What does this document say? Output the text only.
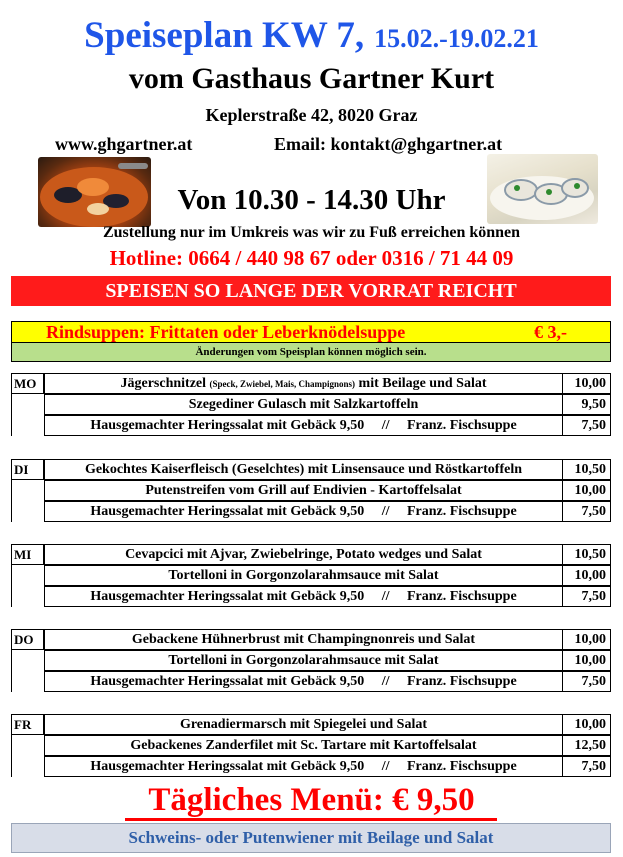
Speiseplan KW 7, 15.02.-19.02.21
vom Gasthaus Gartner Kurt
Keplerstraße 42, 8020 Graz
www.ghgartner.at	Email: kontakt@ghgartner.at
Von 10.30 - 14.30 Uhr
Zustellung nur im Umkreis was wir zu Fuß erreichen können
Hotline: 0664 / 440 98 67 oder 0316 / 71 44 09
SPEISEN SO LANGE DER VORRAT REICHT
Rindsuppen: Frittaten oder Leberknödelsuppe	€ 3,-
Änderungen vom Speisplan können möglich sein.
MO	Jägerschnitzel (Speck, Zwiebel, Mais, Champignons) mit Beilage und Salat	10,00
Szegediner Gulasch mit Salzkartoffeln	9,50
Hausgemachter Heringssalat mit Gebäck 9,50     //     Franz. Fischsuppe	7,50
DI	Gekochtes Kaiserfleisch (Geselchtes) mit Linsensauce und Röstkartoffeln	10,50
Putenstreifen vom Grill auf Endivien - Kartoffelsalat	10,00
Hausgemachter Heringssalat mit Gebäck 9,50     //     Franz. Fischsuppe	7,50
MI	Cevapcici mit Ajvar, Zwiebelringe, Potato wedges und Salat	10,50
Tortelloni in Gorgonzolarahmsauce mit Salat	10,00
Hausgemachter Heringssalat mit Gebäck 9,50     //     Franz. Fischsuppe	7,50
DO	Gebackene Hühnerbrust mit Champingnonreis und Salat	10,00
Tortelloni in Gorgonzolarahmsauce mit Salat	10,00
Hausgemachter Heringssalat mit Gebäck 9,50     //     Franz. Fischsuppe	7,50
FR	Grenadiermarsch mit Spiegelei und Salat	10,00
Gebackenes Zanderfilet mit Sc. Tartare mit Kartoffelsalat	12,50
Hausgemachter Heringssalat mit Gebäck 9,50     //     Franz. Fischsuppe	7,50
Tägliches Menü: € 9,50
Schweins- oder Putenwiener mit Beilage und Salat
